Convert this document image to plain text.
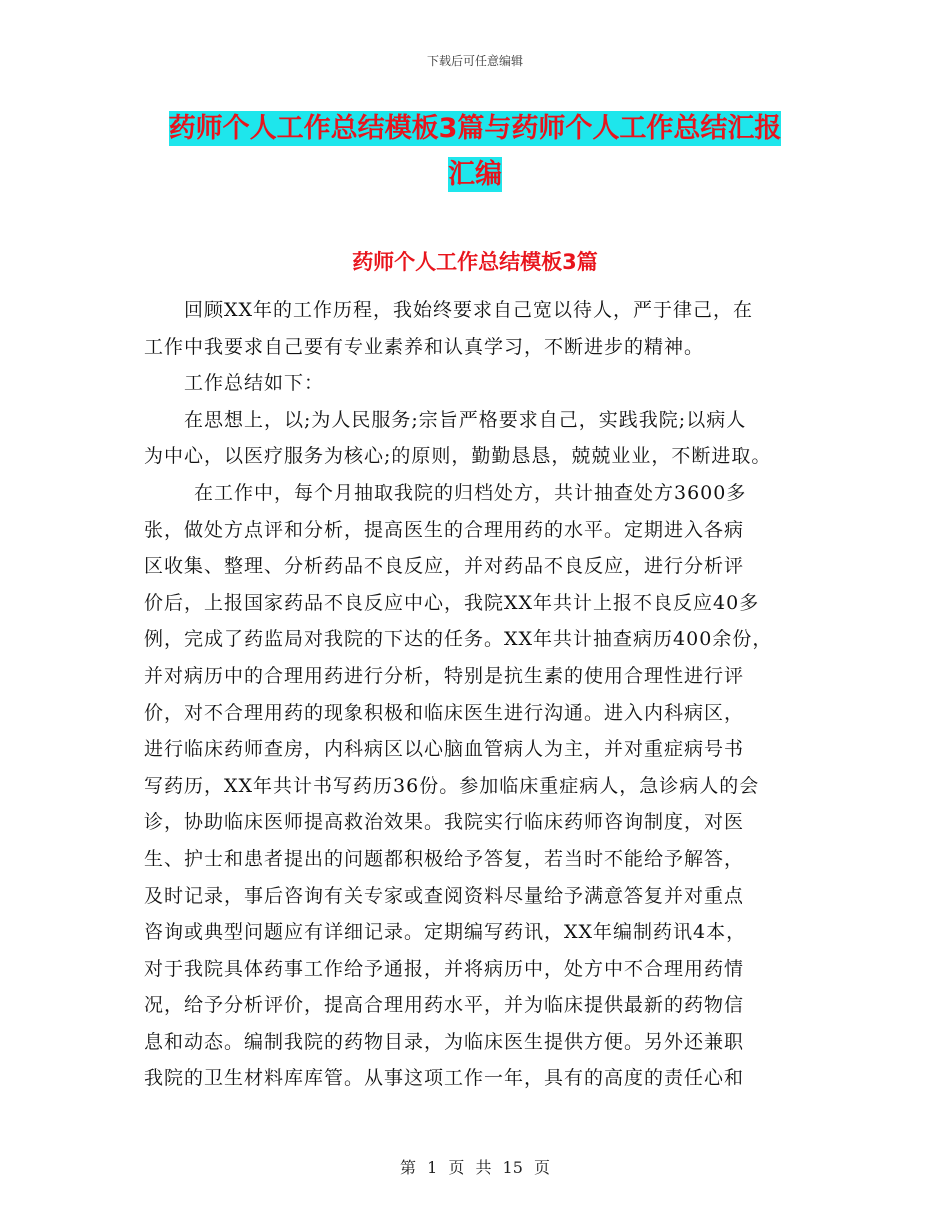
下载后可任意编辑
药师个人工作总结模板3篇与药师个人工作总结汇报
汇编
药师个人工作总结模板3篇

回顾XX年的工作历程，我始终要求自己宽以待人，严于律己，在
工作中我要求自己要有专业素养和认真学习，不断进步的精神。

工作总结如下：

在思想上，以;为人民服务;宗旨严格要求自己，实践我院;以病人
为中心，以医疗服务为核心;的原则，勤勤恳恳，兢兢业业，不断进取。

在工作中，每个月抽取我院的归档处方，共计抽查处方3600多
张，做处方点评和分析，提高医生的合理用药的水平。定期进入各病
区收集、整理、分析药品不良反应，并对药品不良反应，进行分析评
价后，上报国家药品不良反应中心，我院XX年共计上报不良反应40多
例，完成了药监局对我院的下达的任务。XX年共计抽查病历400余份，
并对病历中的合理用药进行分析，特别是抗生素的使用合理性进行评
价，对不合理用药的现象积极和临床医生进行沟通。进入内科病区，
进行临床药师查房，内科病区以心脑血管病人为主，并对重症病号书
写药历，XX年共计书写药历36份。参加临床重症病人，急诊病人的会
诊，协助临床医师提高救治效果。我院实行临床药师咨询制度，对医
生、护士和患者提出的问题都积极给予答复，若当时不能给予解答，
及时记录，事后咨询有关专家或查阅资料尽量给予满意答复并对重点
咨询或典型问题应有详细记录。定期编写药讯，XX年编制药讯4本，
对于我院具体药事工作给予通报，并将病历中，处方中不合理用药情
况，给予分析评价，提高合理用药水平，并为临床提供最新的药物信
息和动态。编制我院的药物目录，为临床医生提供方便。另外还兼职
我院的卫生材料库库管。从事这项工作一年，具有的高度的责任心和

第 1 页 共 15 页
